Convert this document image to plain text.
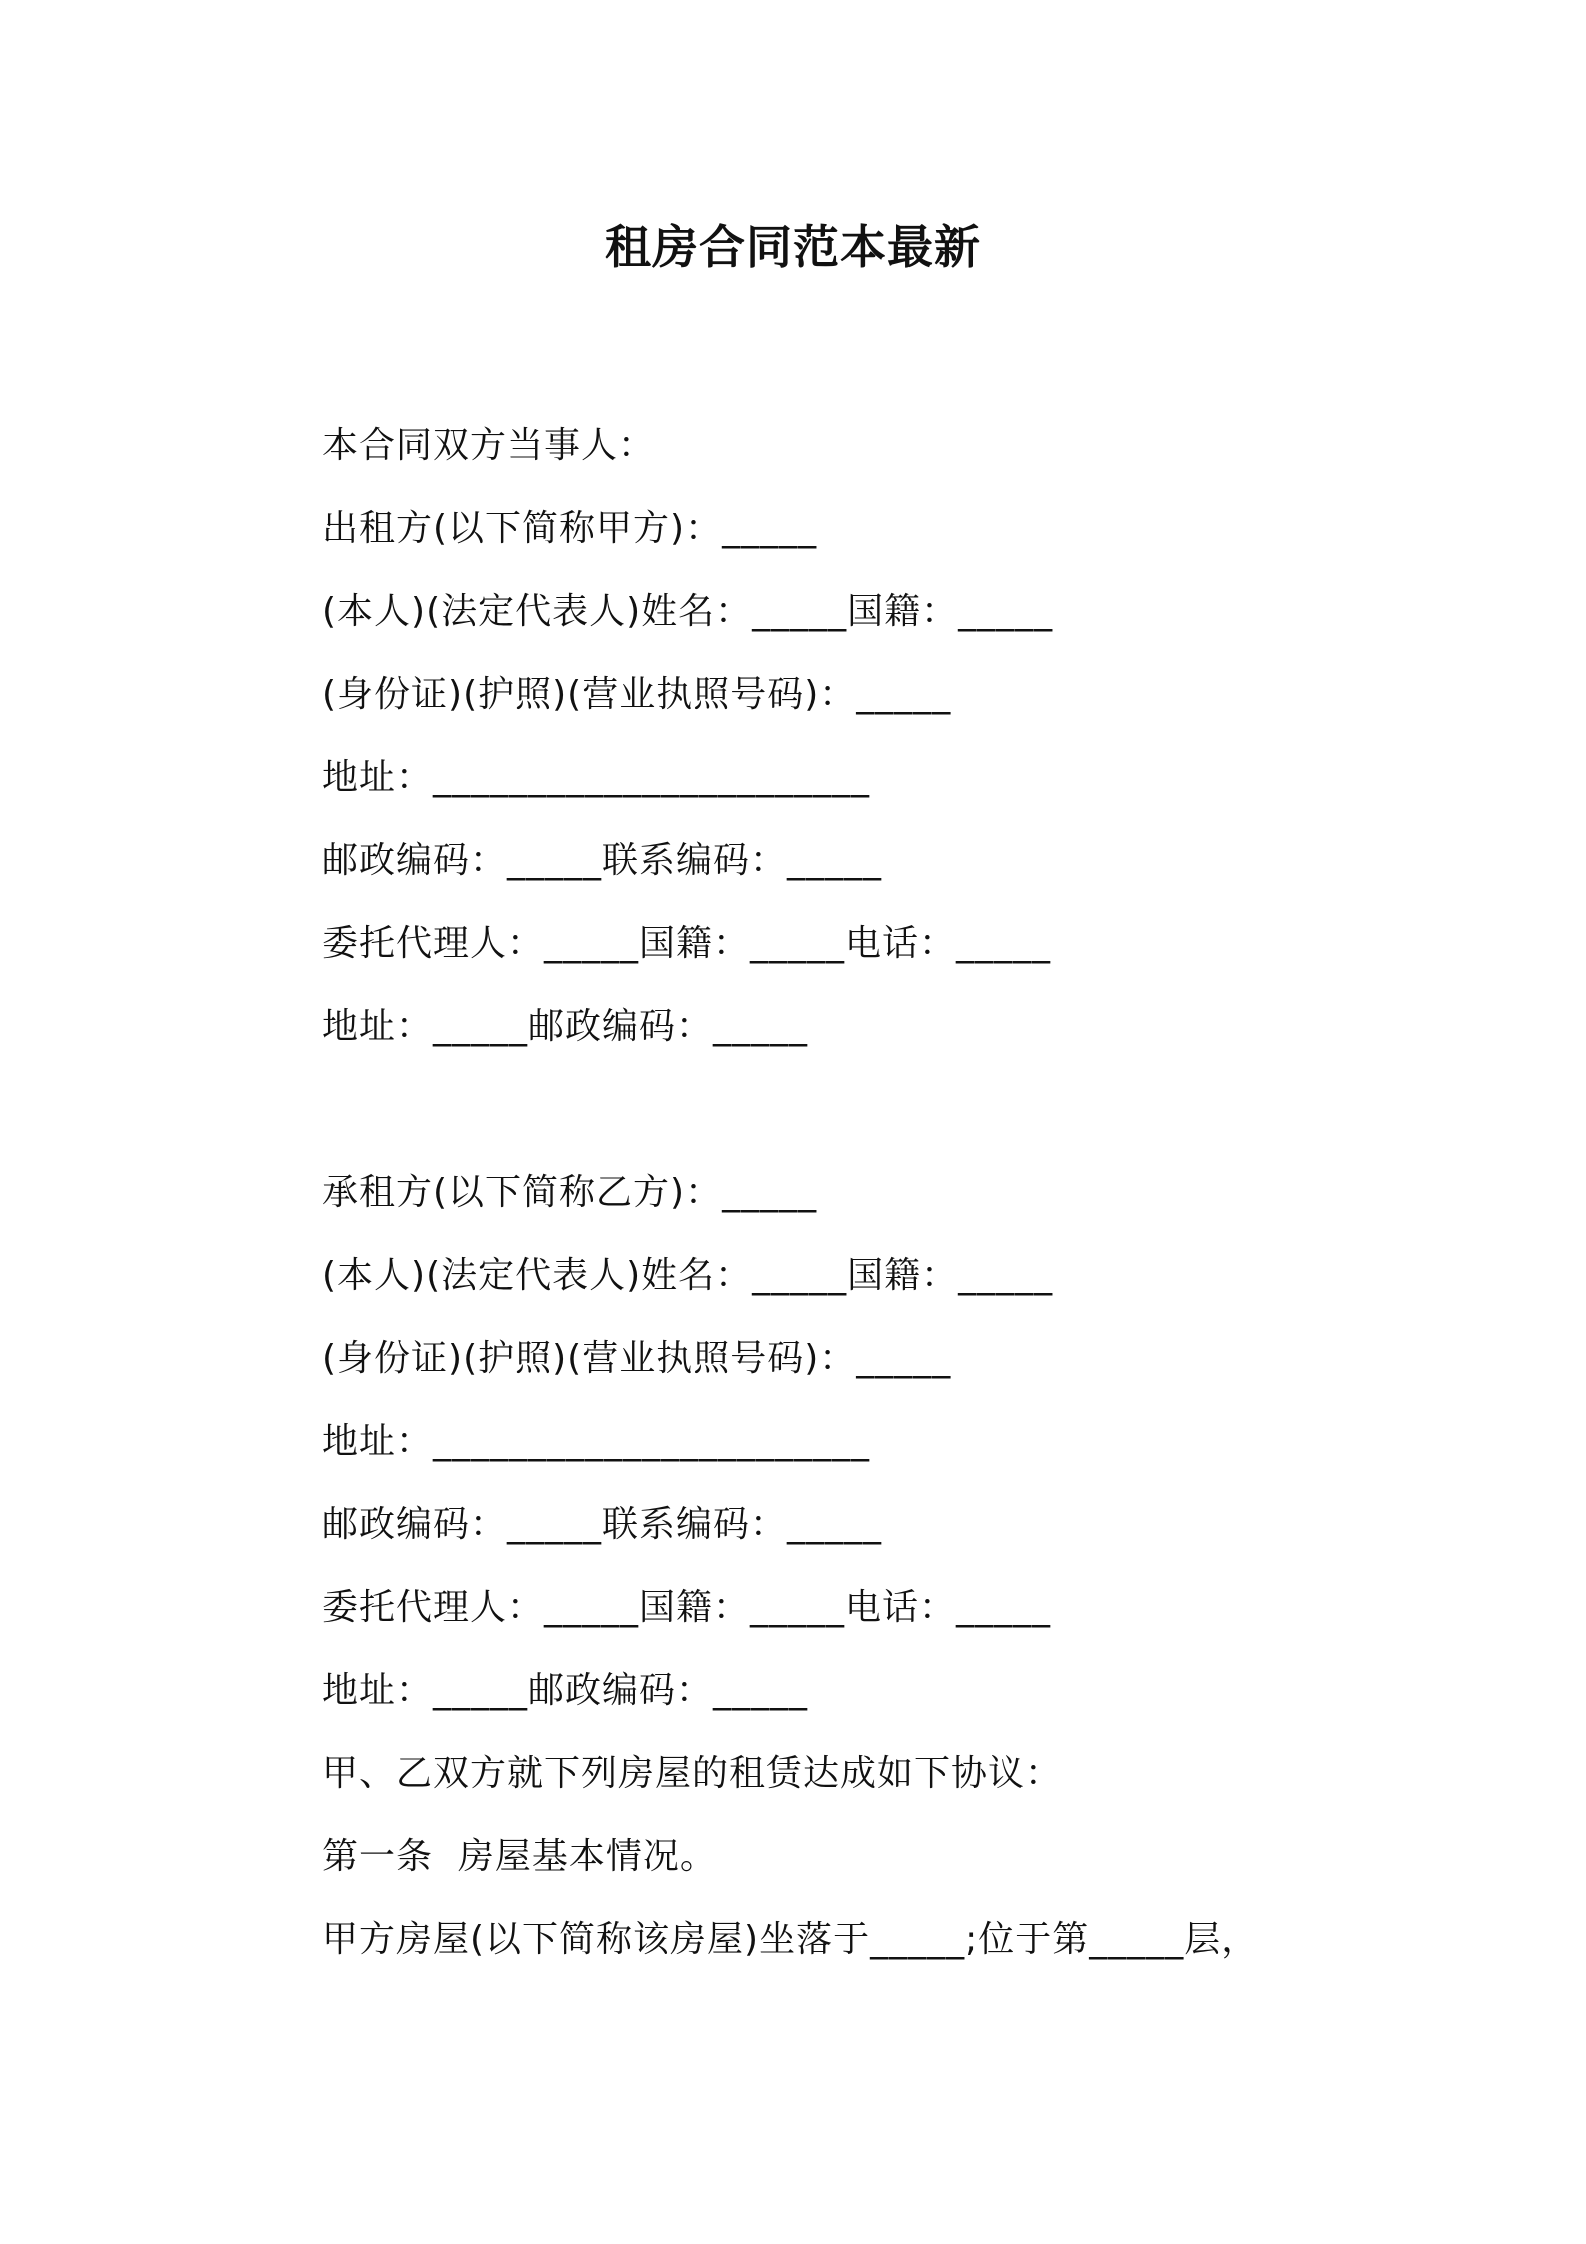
租房合同范本最新
本合同双方当事人：
出租方(以下简称甲方)：_____
(本人)(法定代表人)姓名：_____国籍：_____
(身份证)(护照)(营业执照号码)：_____
地址：_______________________
邮政编码：_____联系编码：_____
委托代理人：_____国籍：_____电话：_____
地址：_____邮政编码：_____
承租方(以下简称乙方)：_____
(本人)(法定代表人)姓名：_____国籍：_____
(身份证)(护照)(营业执照号码)：_____
地址：_______________________
邮政编码：_____联系编码：_____
委托代理人：_____国籍：_____电话：_____
地址：_____邮政编码：_____
甲、乙双方就下列房屋的租赁达成如下协议：
第一条  房屋基本情况。
甲方房屋(以下简称该房屋)坐落于_____;位于第_____层，
